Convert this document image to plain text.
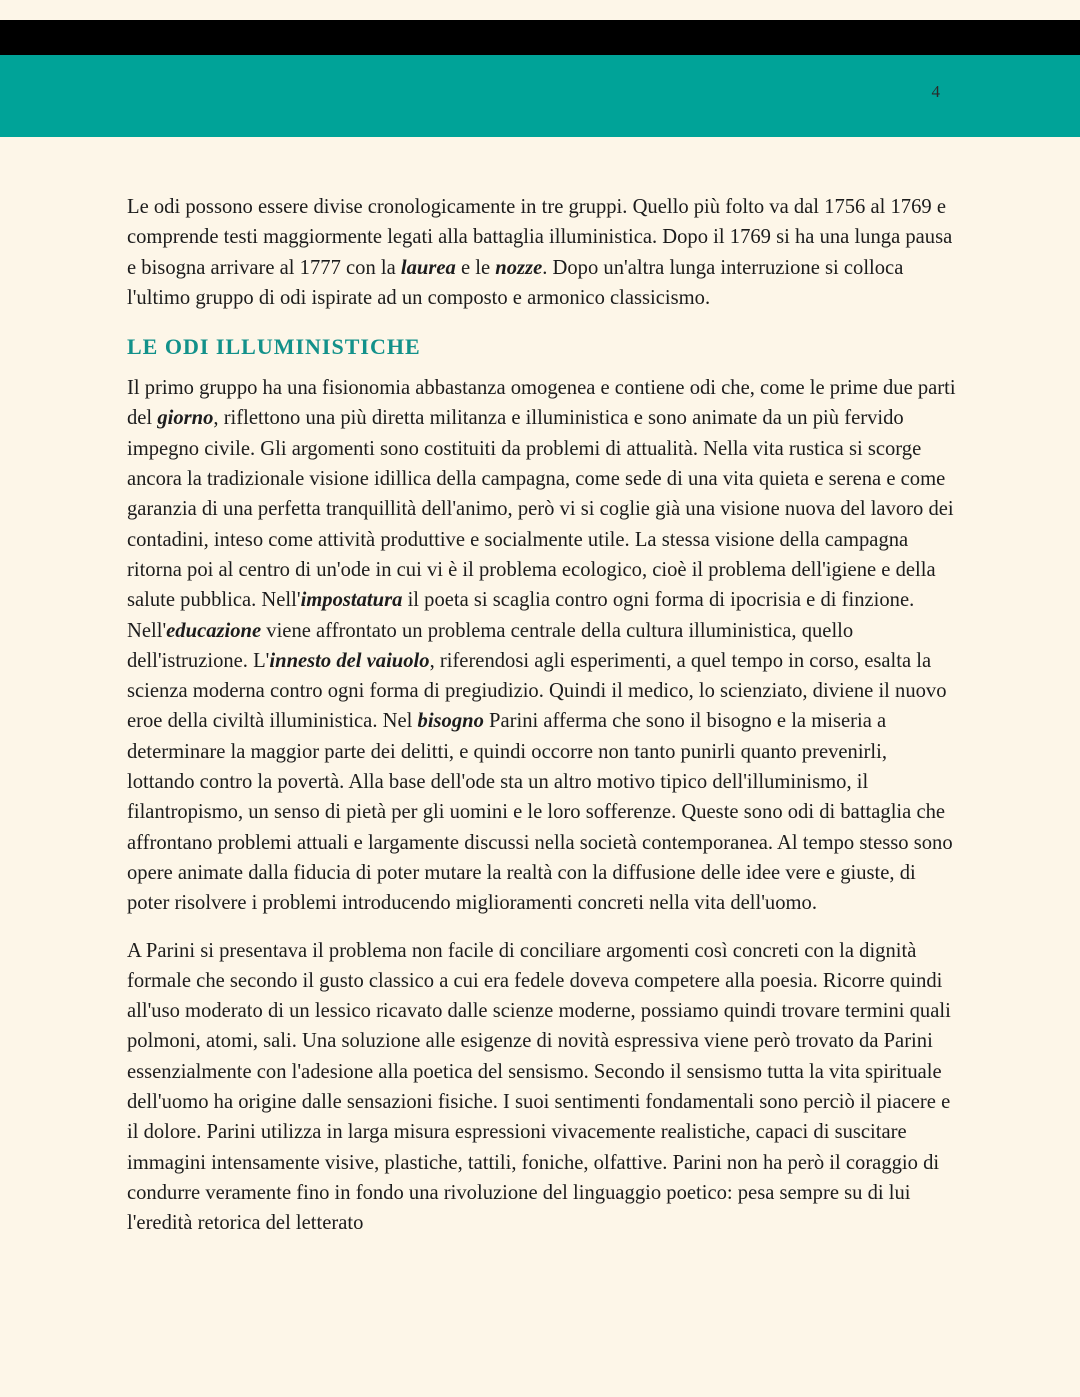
4

Le odi possono essere divise cronologicamente in tre gruppi. Quello più folto va dal 1756 al 1769 e comprende testi maggiormente legati alla battaglia illuministica. Dopo il 1769 si ha una lunga pausa e bisogna arrivare al 1777 con la laurea e le nozze. Dopo un'altra lunga interruzione si colloca l'ultimo gruppo di odi ispirate ad un composto e armonico classicismo.

LE ODI ILLUMINISTICHE

Il primo gruppo ha una fisionomia abbastanza omogenea e contiene odi che, come le prime due parti del giorno, riflettono una più diretta militanza e illuministica e sono animate da un più fervido impegno civile. Gli argomenti sono costituiti da problemi di attualità. Nella vita rustica si scorge ancora la tradizionale visione idillica della campagna, come sede di una vita quieta e serena e come garanzia di una perfetta tranquillità dell'animo, però vi si coglie già una visione nuova del lavoro dei contadini, inteso come attività produttive e socialmente utile. La stessa visione della campagna ritorna poi al centro di un'ode in cui vi è il problema ecologico, cioè il problema dell'igiene e della salute pubblica. Nell'impostatura il poeta si scaglia contro ogni forma di ipocrisia e di finzione. Nell'educazione viene affrontato un problema centrale della cultura illuministica, quello dell'istruzione. L'innesto del vaiuolo, riferendosi agli esperimenti, a quel tempo in corso, esalta la scienza moderna contro ogni forma di pregiudizio. Quindi il medico, lo scienziato, diviene il nuovo eroe della civiltà illuministica. Nel bisogno Parini afferma che sono il bisogno e la miseria a determinare la maggior parte dei delitti, e quindi occorre non tanto punirli quanto prevenirli, lottando contro la povertà. Alla base dell'ode sta un altro motivo tipico dell'illuminismo, il filantropismo, un senso di pietà per gli uomini e le loro sofferenze. Queste sono odi di battaglia che affrontano problemi attuali e largamente discussi nella società contemporanea. Al tempo stesso sono opere animate dalla fiducia di poter mutare la realtà con la diffusione delle idee vere e giuste, di poter risolvere i problemi introducendo miglioramenti concreti nella vita dell'uomo.

A Parini si presentava il problema non facile di conciliare argomenti così concreti con la dignità formale che secondo il gusto classico a cui era fedele doveva competere alla poesia. Ricorre quindi all'uso moderato di un lessico ricavato dalle scienze moderne, possiamo quindi trovare termini quali polmoni, atomi, sali. Una soluzione alle esigenze di novità espressiva viene però trovato da Parini essenzialmente con l'adesione alla poetica del sensismo. Secondo il sensismo tutta la vita spirituale dell'uomo ha origine dalle sensazioni fisiche. I suoi sentimenti fondamentali sono perciò il piacere e il dolore. Parini utilizza in larga misura espressioni vivacemente realistiche, capaci di suscitare immagini intensamente visive, plastiche, tattili, foniche, olfattive. Parini non ha però il coraggio di condurre veramente fino in fondo una rivoluzione del linguaggio poetico: pesa sempre su di lui l'eredità retorica del letterato
